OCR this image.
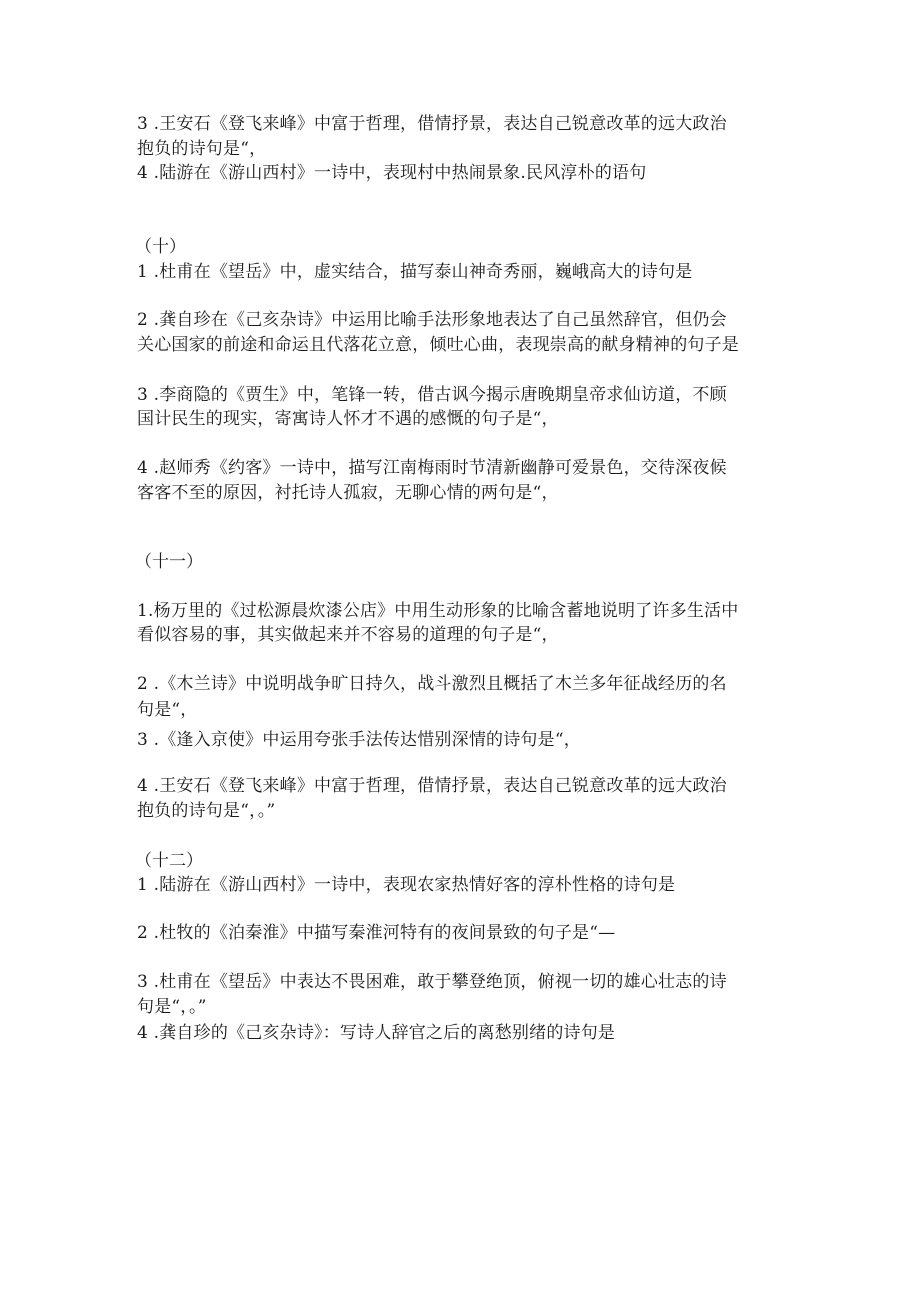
3 .王安石《登飞来峰》中富于哲理，借情抒景，表达自己锐意改革的远大政治
抱负的诗句是“，
4 .陆游在《游山西村》一诗中，表现村中热闹景象.民风淳朴的语句
（十）
1 .杜甫在《望岳》中，虚实结合，描写泰山神奇秀丽，巍峨高大的诗句是
2 .龚自珍在《己亥杂诗》中运用比喻手法形象地表达了自己虽然辞官，但仍会
关心国家的前途和命运且代落花立意，倾吐心曲，表现崇高的献身精神的句子是
3 .李商隐的《贾生》中，笔锋一转，借古讽今揭示唐晚期皇帝求仙访道，不顾
国计民生的现实，寄寓诗人怀才不遇的感慨的句子是“，
4 .赵师秀《约客》一诗中，描写江南梅雨时节清新幽静可爱景色，交待深夜候
客客不至的原因，衬托诗人孤寂，无聊心情的两句是“，
（十一）
1.杨万里的《过松源晨炊漆公店》中用生动形象的比喻含蓄地说明了许多生活中
看似容易的事，其实做起来并不容易的道理的句子是“，
2 .《木兰诗》中说明战争旷日持久，战斗激烈且概括了木兰多年征战经历的名
句是“，
3 .《逢入京使》中运用夸张手法传达惜别深情的诗句是“，
4 .王安石《登飞来峰》中富于哲理，借情抒景，表达自己锐意改革的远大政治
抱负的诗句是“，。”
（十二）
1 .陆游在《游山西村》一诗中，表现农家热情好客的淳朴性格的诗句是
2 .杜牧的《泊秦淮》中描写秦淮河特有的夜间景致的句子是“—
3 .杜甫在《望岳》中表达不畏困难，敢于攀登绝顶，俯视一切的雄心壮志的诗
句是“，。”
4 .龚自珍的《己亥杂诗》：写诗人辞官之后的离愁别绪的诗句是
